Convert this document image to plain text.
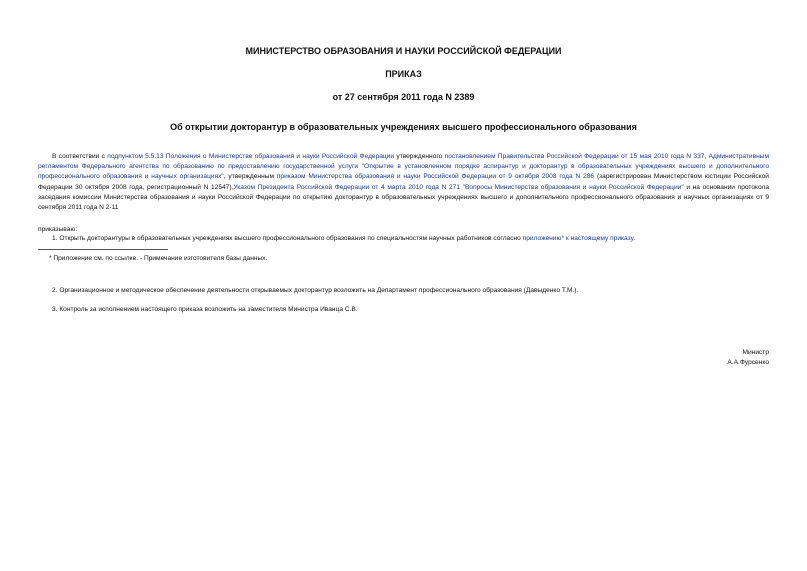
МИНИСТЕРСТВО ОБРАЗОВАНИЯ И НАУКИ РОССИЙСКОЙ ФЕДЕРАЦИИ

ПРИКАЗ

от 27 сентября 2011 года N 2389

Об открытии докторантур в образовательных учреждениях высшего профессионального образования

В соответствии с подпунктом 5.5.13 Положения о Министерстве образования и науки Российской Федерации утвержденного постановлением Правительства Российской Федерации от 15 мая 2010 года N 337, Административным регламентом Федерального агентства по образованию по предоставлению государственной услуги "Открытие в установленном порядке аспирантур и докторантур в образовательных учреждениях высшего и дополнительного профессионального образования и научных организациях", утвержденным приказом Министерства образования и науки Российской Федерации от 9 октября 2008 года N 286 (зарегистрирован Министерством юстиции Российской Федерации 30 октября 2008 года, регистрационный N 12547),Указом Президента Российской Федерации от 4 марта 2010 года N 271 "Вопросы Министерства образования и науки Российской Федерации" и на основании протокола заседания комиссии Министерства образования и науки Российской Федерации по открытию докторантур в образовательных учреждениях высшего и дополнительного профессионального образования и научных организациях от 9 сентября 2011 года N 2-11

приказываю:

1. Открыть докторантуры в образовательных учреждениях высшего профессионального образования по специальностям научных работников согласно приложению* к настоящему приказу.

* Приложение см. по ссылке. - Примечание изготовителя базы данных.

2. Организационное и методическое обеспечение деятельности открываемых докторантур возложить на Департамент профессионального образования (Давыденко Т.М.).

3. Контроль за исполнением настоящего приказа возложить на заместителя Министра Иванца С.В.

Министр

А.А.Фурсенко
